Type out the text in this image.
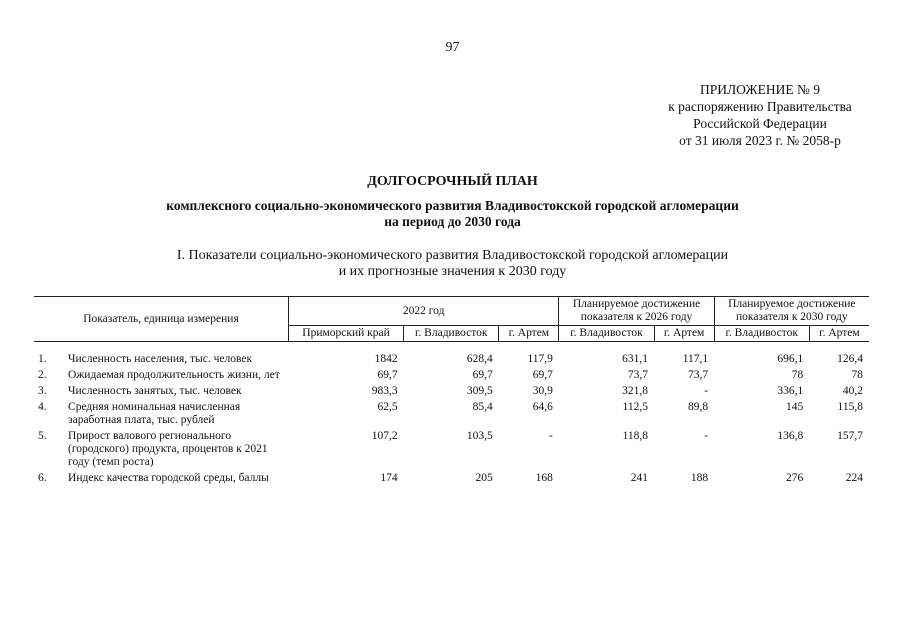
97
ПРИЛОЖЕНИЕ № 9
к распоряжению Правительства
Российской Федерации
от 31 июля 2023 г. № 2058-р
ДОЛГОСРОЧНЫЙ ПЛАН
комплексного социально-экономического развития Владивостокской городской агломерации
на период до 2030 года
I. Показатели социально-экономического развития Владивостокской городской агломерации
и их прогнозные значения к 2030 году
Показатель, единица измерения		2022 год			Планируемое достижение показателя к 2026 году		Планируемое достижение показателя к 2030 году	
		Приморский край	г. Владивосток	г. Артем	г. Владивосток	г. Артем	г. Владивосток	г. Артем

1.	Численность населения, тыс. человек	1842	628,4	117,9	631,1	117,1	696,1	126,4
2.	Ожидаемая продолжительность жизни, лет	69,7	69,7	69,7	73,7	73,7	78	78
3.	Численность занятых, тыс. человек	983,3	309,5	30,9	321,8	-	336,1	40,2
4.	Средняя номинальная начисленная заработная плата, тыс. рублей	62,5	85,4	64,6	112,5	89,8	145	115,8
5.	Прирост валового регионального (городского) продукта, процентов к 2021 году (темп роста)	107,2	103,5	-	118,8	-	136,8	157,7
6.	Индекс качества городской среды, баллы	174	205	168	241	188	276	224
